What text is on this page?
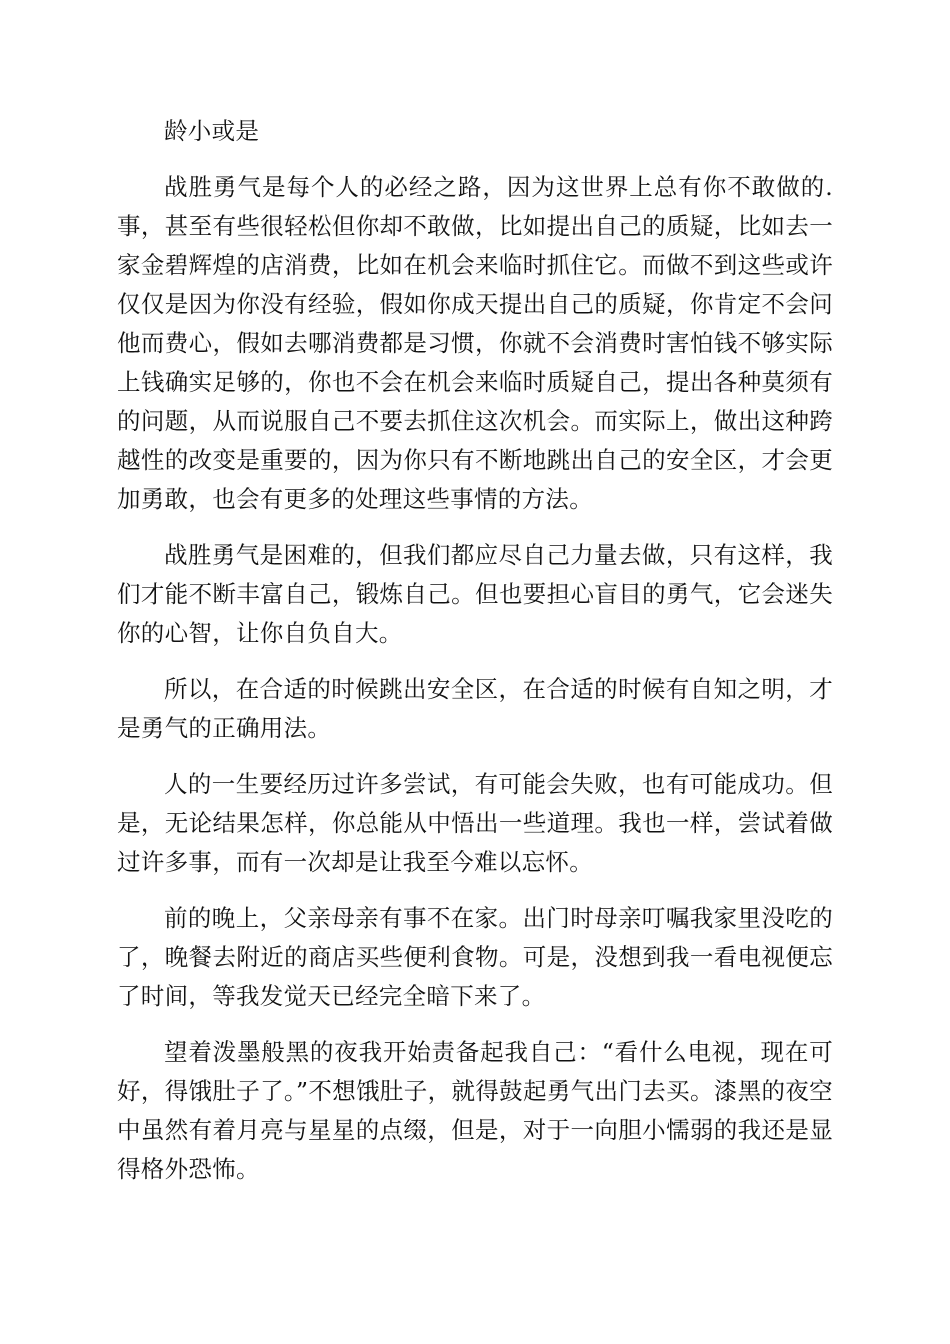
龄小或是

战胜勇气是每个人的必经之路，因为这世界上总有你不敢做的.事，甚至有些很轻松但你却不敢做，比如提出自己的质疑，比如去一家金碧辉煌的店消费，比如在机会来临时抓住它。而做不到这些或许仅仅是因为你没有经验，假如你成天提出自己的质疑，你肯定不会问他而费心，假如去哪消费都是习惯，你就不会消费时害怕钱不够实际上钱确实足够的，你也不会在机会来临时质疑自己，提出各种莫须有的问题，从而说服自己不要去抓住这次机会。而实际上，做出这种跨越性的改变是重要的，因为你只有不断地跳出自己的安全区，才会更加勇敢，也会有更多的处理这些事情的方法。

战胜勇气是困难的，但我们都应尽自己力量去做，只有这样，我们才能不断丰富自己，锻炼自己。但也要担心盲目的勇气，它会迷失你的心智，让你自负自大。

所以，在合适的时候跳出安全区，在合适的时候有自知之明，才是勇气的正确用法。

人的一生要经历过许多尝试，有可能会失败，也有可能成功。但是，无论结果怎样，你总能从中悟出一些道理。我也一样，尝试着做过许多事，而有一次却是让我至今难以忘怀。

前的晚上，父亲母亲有事不在家。出门时母亲叮嘱我家里没吃的了，晚餐去附近的商店买些便利食物。可是，没想到我一看电视便忘了时间，等我发觉天已经完全暗下来了。

望着泼墨般黑的夜我开始责备起我自己：“看什么电视，现在可好，得饿肚子了。”不想饿肚子，就得鼓起勇气出门去买。漆黑的夜空中虽然有着月亮与星星的点缀，但是，对于一向胆小懦弱的我还是显得格外恐怖。
